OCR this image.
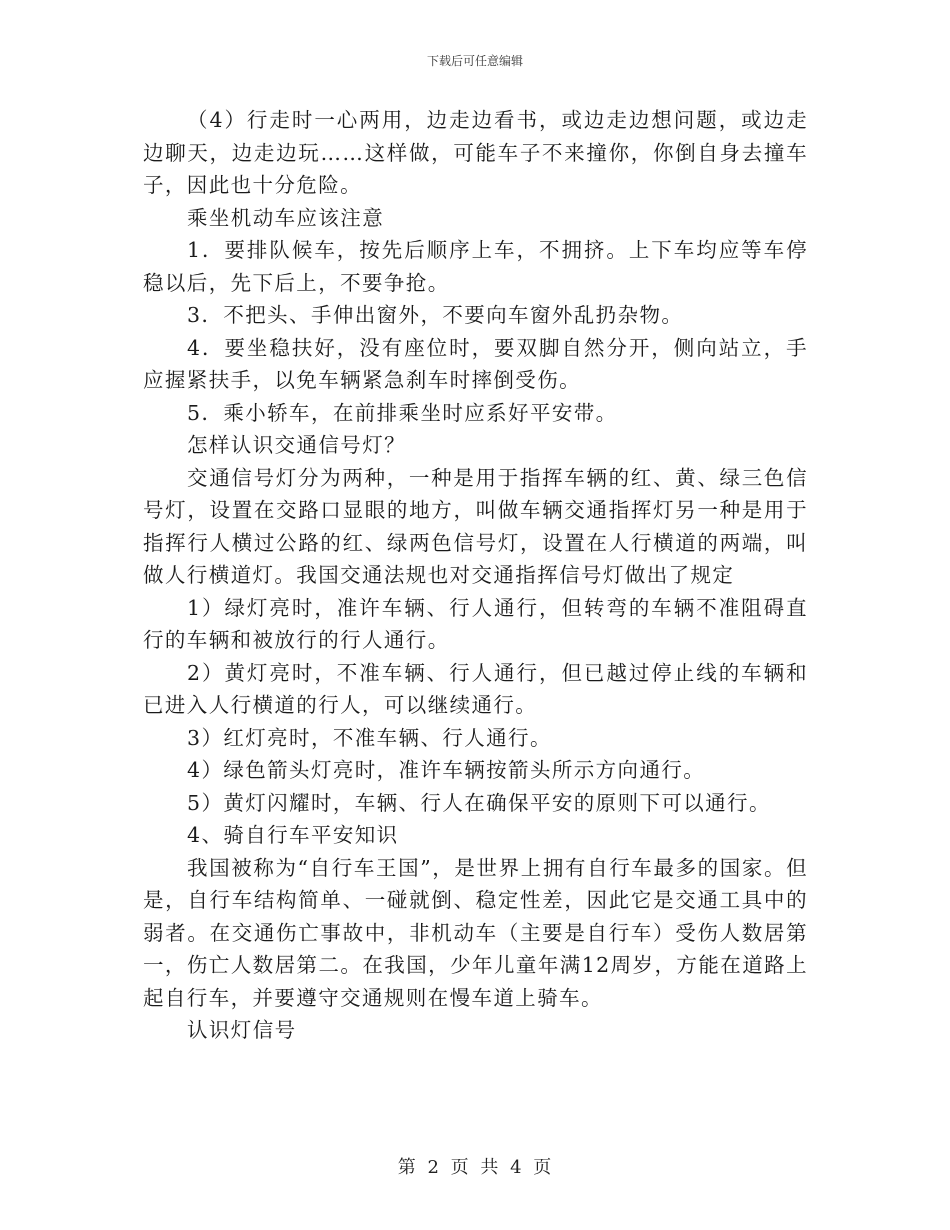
下载后可任意编辑

（4）行走时一心两用，边走边看书，或边走边想问题，或边走边聊天，边走边玩……这样做，可能车子不来撞你，你倒自身去撞车子，因此也十分危险。

乘坐机动车应该注意

1．要排队候车，按先后顺序上车，不拥挤。上下车均应等车停稳以后，先下后上，不要争抢。

3．不把头、手伸出窗外，不要向车窗外乱扔杂物。

4．要坐稳扶好，没有座位时，要双脚自然分开，侧向站立，手应握紧扶手，以免车辆紧急刹车时摔倒受伤。

5．乘小轿车，在前排乘坐时应系好平安带。

怎样认识交通信号灯？

交通信号灯分为两种，一种是用于指挥车辆的红、黄、绿三色信号灯，设置在交路口显眼的地方，叫做车辆交通指挥灯另一种是用于指挥行人横过公路的红、绿两色信号灯，设置在人行横道的两端，叫做人行横道灯。我国交通法规也对交通指挥信号灯做出了规定

1）绿灯亮时，准许车辆、行人通行，但转弯的车辆不准阻碍直行的车辆和被放行的行人通行。

2）黄灯亮时，不准车辆、行人通行，但已越过停止线的车辆和已进入人行横道的行人，可以继续通行。

3）红灯亮时，不准车辆、行人通行。

4）绿色箭头灯亮时，准许车辆按箭头所示方向通行。

5）黄灯闪耀时，车辆、行人在确保平安的原则下可以通行。

4、骑自行车平安知识

我国被称为“自行车王国”，是世界上拥有自行车最多的国家。但是，自行车结构简单、一碰就倒、稳定性差，因此它是交通工具中的弱者。在交通伤亡事故中，非机动车（主要是自行车）受伤人数居第一，伤亡人数居第二。在我国，少年儿童年满12周岁，方能在道路上起自行车，并要遵守交通规则在慢车道上骑车。

认识灯信号

第 2 页 共 4 页
